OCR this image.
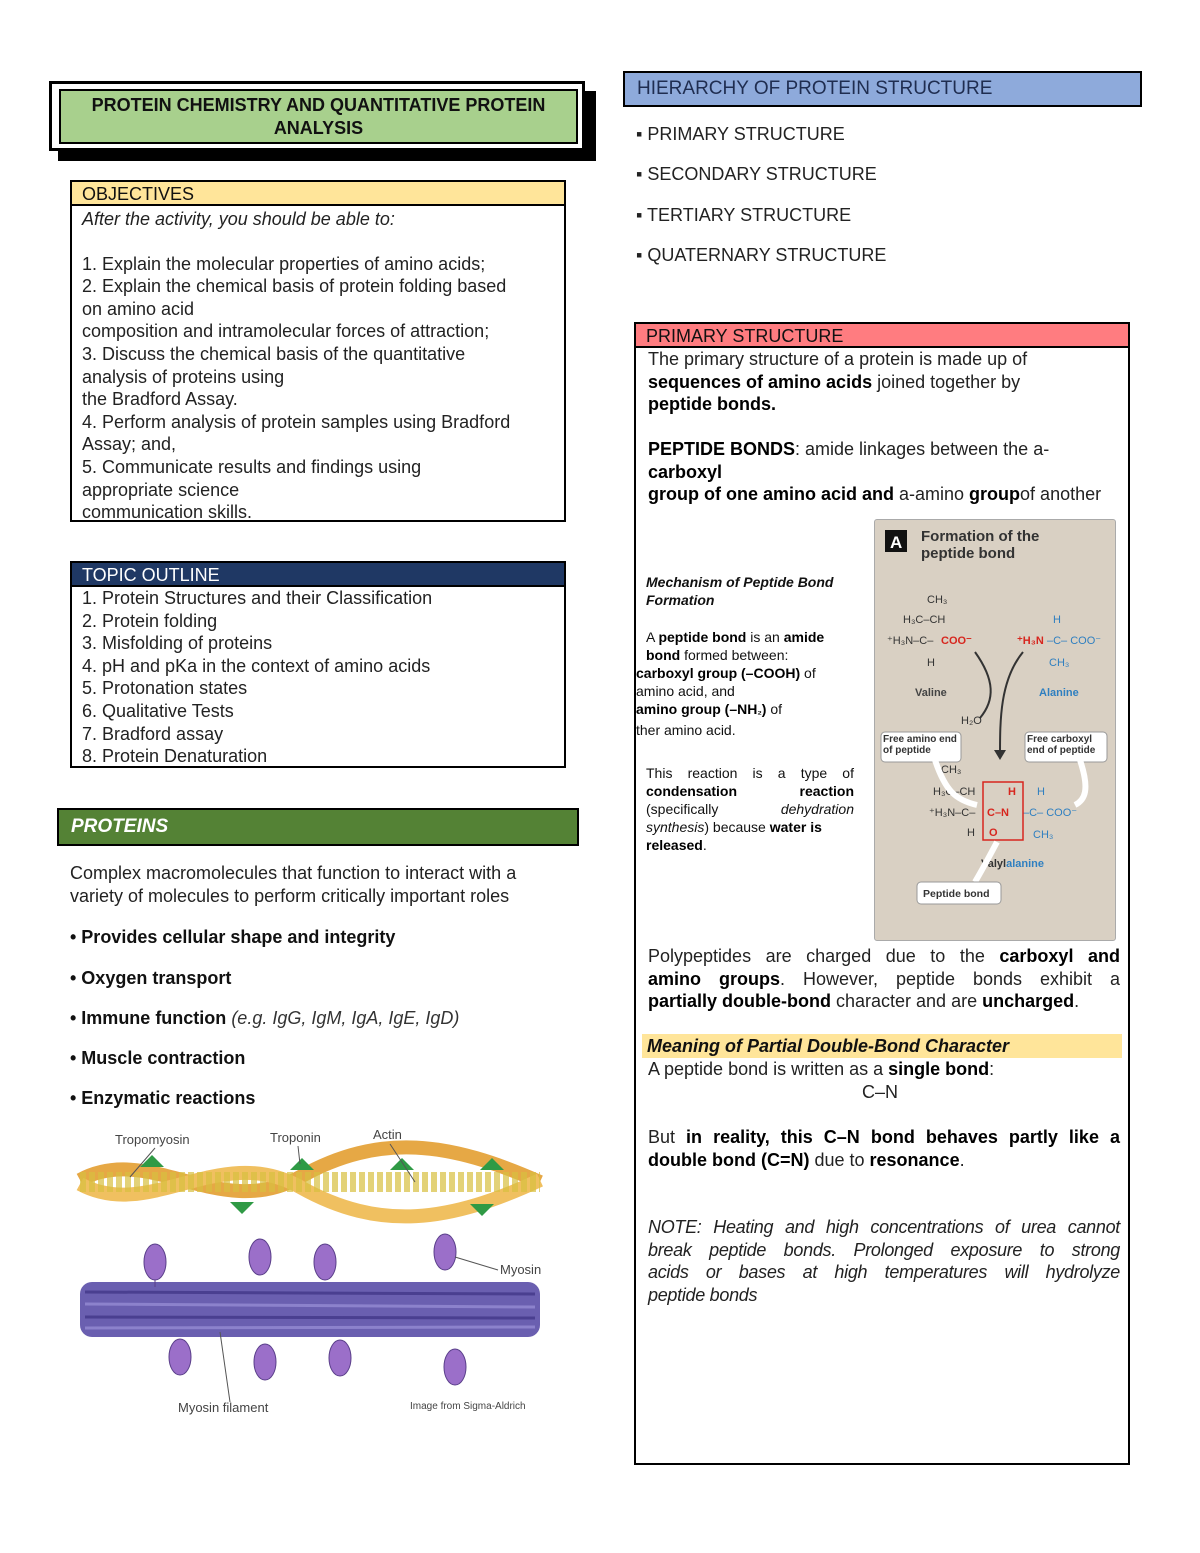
PROTEIN CHEMISTRY AND QUANTITATIVE PROTEIN ANALYSIS
OBJECTIVES
After the activity, you should be able to:
1. Explain the molecular properties of amino acids;
2. Explain the chemical basis of protein folding based
on amino acid
composition and intramolecular forces of attraction;
3. Discuss the chemical basis of the quantitative
analysis of proteins using
the Bradford Assay.
4. Perform analysis of protein samples using Bradford
Assay; and,
5. Communicate results and findings using
appropriate science
communication skills.
TOPIC OUTLINE
1. Protein Structures and their Classification
2. Protein folding
3. Misfolding of proteins
4. pH and pKa in the context of amino acids
5. Protonation states
6. Qualitative Tests
7. Bradford assay
8. Protein Denaturation
PROTEINS
Complex macromolecules that function to interact with a variety of molecules to perform critically important roles
• Provides cellular shape and integrity
• Oxygen transport
• Immune function (e.g. IgG, IgM, IgA, IgE, IgD)
• Muscle contraction
• Enzymatic reactions
Tropomyosin	Troponin	Actin
Myosin
Myosin filament	Image from Sigma-Aldrich
HIERARCHY OF PROTEIN STRUCTURE
▪ PRIMARY STRUCTURE
▪ SECONDARY STRUCTURE
▪ TERTIARY STRUCTURE
▪ QUATERNARY STRUCTURE
PRIMARY STRUCTURE
The primary structure of a protein is made up of
sequences of amino acids joined together by
peptide bonds.
PEPTIDE BONDS: amide linkages between the a-carboxyl
group of one amino acid and a-amino groupof another
Mechanism of Peptide Bond Formation
A peptide bond is an amide
bond formed between:
carboxyl group (–COOH) of
amino acid, and
amino group (–NH₂) of
ther amino acid.
This reaction is a type of
condensation	reaction
(specifically	dehydration
synthesis) because water is
released.
A Formation of the
peptide bond
CH₃
H₃C–CH
⁺H₃N–C– COO⁻
H
H
⁺H₃N –C– COO⁻
CH₃
Valine	Alanine
H₂O
Free amino end of peptide
Free carboxyl end of peptide
CH₃
H₃C–CH
⁺H₃N–C– C–N
H
O
H
H
–C– COO⁻
CH₃
Valylalanine
Peptide bond
Polypeptides are charged due to the carboxyl and
amino groups. However, peptide bonds exhibit a
partially double-bond character and are uncharged.
Meaning of Partial Double-Bond Character
A peptide bond is written as a single bond:
C–N
But in reality, this C–N bond behaves partly like a
double bond (C=N) due to resonance.
NOTE: Heating and high concentrations of urea cannot
break peptide bonds. Prolonged exposure to strong
acids or bases at high temperatures will hydrolyze
peptide bonds
